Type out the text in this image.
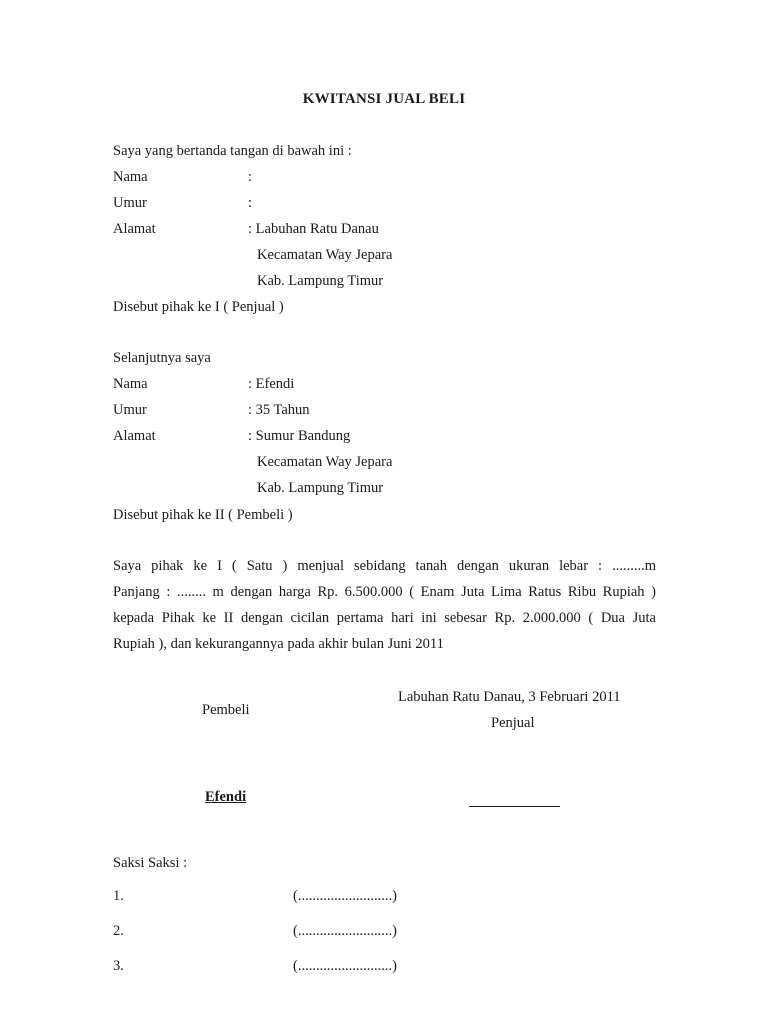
KWITANSI JUAL BELI
Saya yang bertanda tangan di bawah ini :
Nama	:
Umur	:
Alamat	: Labuhan Ratu Danau
Kecamatan Way Jepara
Kab. Lampung Timur
Disebut pihak ke I ( Penjual )
Selanjutnya saya
Nama	: Efendi
Umur	: 35 Tahun
Alamat	: Sumur Bandung
Kecamatan Way Jepara
Kab. Lampung Timur
Disebut pihak ke II ( Pembeli )
Saya pihak ke I ( Satu ) menjual sebidang tanah dengan ukuran lebar : .........m
Panjang : ........ m dengan harga Rp. 6.500.000 ( Enam Juta Lima Ratus Ribu Rupiah )
kepada Pihak ke II dengan cicilan pertama hari ini sebesar Rp. 2.000.000 ( Dua Juta
Rupiah ), dan kekurangannya pada akhir bulan Juni 2011
Labuhan Ratu Danau, 3 Februari 2011
Pembeli
Penjual
Efendi
Saksi Saksi :
1.	(..........................)
2.	(..........................)
3.	(..........................)
